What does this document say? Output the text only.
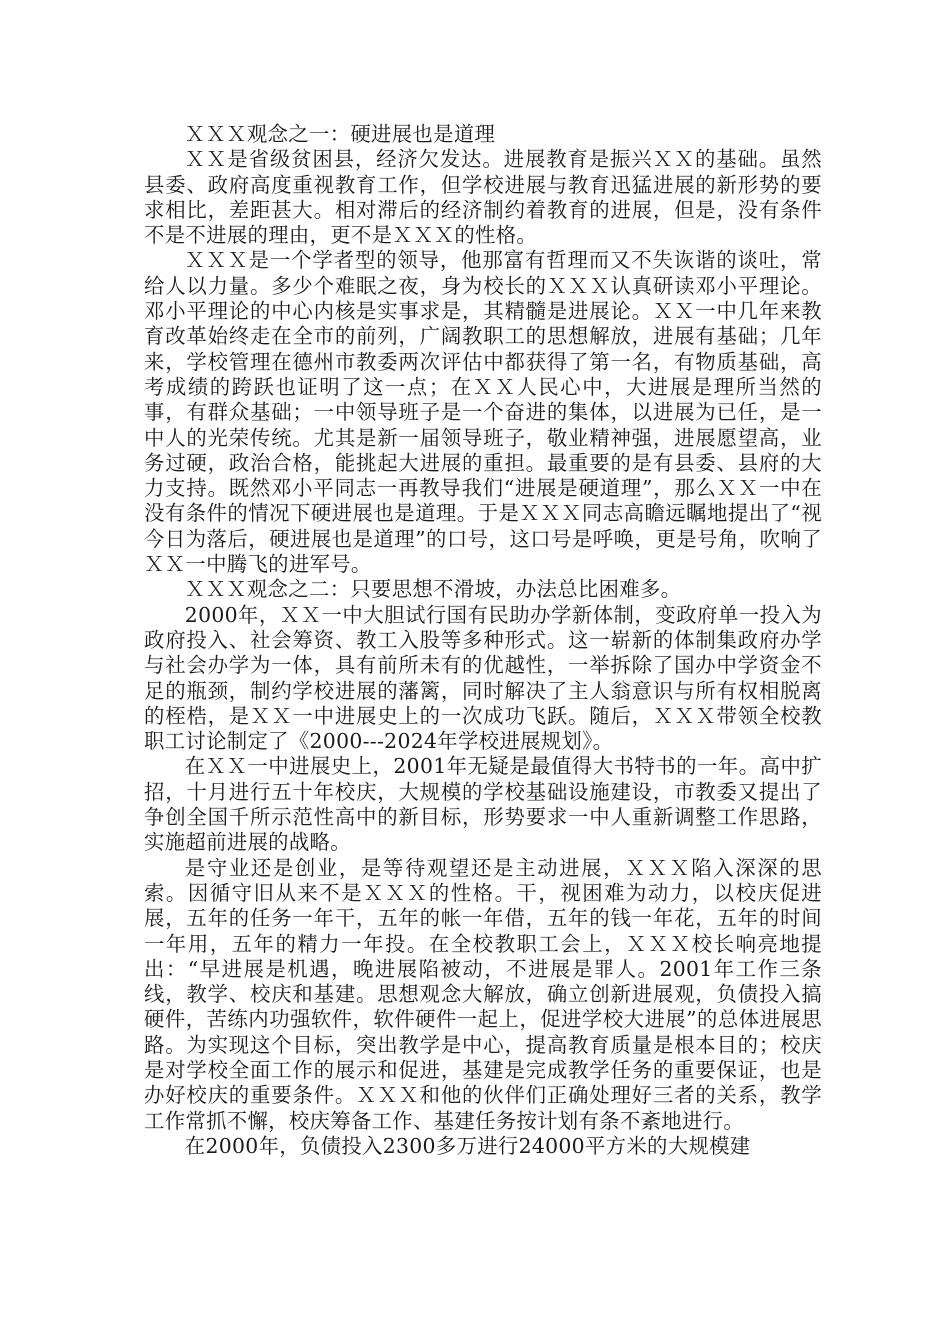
ＸＸＸ观念之一：硬进展也是道理

ＸＸ是省级贫困县，经济欠发达。进展教育是振兴ＸＸ的基础。虽然县委、政府高度重视教育工作，但学校进展与教育迅猛进展的新形势的要求相比，差距甚大。相对滞后的经济制约着教育的进展，但是，没有条件不是不进展的理由，更不是ＸＸＸ的性格。

ＸＸＸ是一个学者型的领导，他那富有哲理而又不失诙谐的谈吐，常给人以力量。多少个难眠之夜，身为校长的ＸＸＸ认真研读邓小平理论。邓小平理论的中心内核是实事求是，其精髓是进展论。ＸＸ一中几年来教育改革始终走在全市的前列，广阔教职工的思想解放，进展有基础；几年来，学校管理在德州市教委两次评估中都获得了第一名，有物质基础，高考成绩的跨跃也证明了这一点；在ＸＸ人民心中，大进展是理所当然的事，有群众基础；一中领导班子是一个奋进的集体，以进展为已任，是一中人的光荣传统。尤其是新一届领导班子，敬业精神强，进展愿望高，业务过硬，政治合格，能挑起大进展的重担。最重要的是有县委、县府的大力支持。既然邓小平同志一再教导我们“进展是硬道理”，那么ＸＸ一中在没有条件的情况下硬进展也是道理。于是ＸＸＸ同志高瞻远瞩地提出了“视今日为落后，硬进展也是道理”的口号，这口号是呼唤，更是号角，吹响了ＸＸ一中腾飞的进军号。

ＸＸＸ观念之二：只要思想不滑坡，办法总比困难多。

2000年，ＸＸ一中大胆试行国有民助办学新体制，变政府单一投入为政府投入、社会筹资、教工入股等多种形式。这一崭新的体制集政府办学与社会办学为一体，具有前所未有的优越性，一举拆除了国办中学资金不足的瓶颈，制约学校进展的藩篱，同时解决了主人翁意识与所有权相脱离的桎梏，是ＸＸ一中进展史上的一次成功飞跃。随后，ＸＸＸ带领全校教职工讨论制定了《2000---2024年学校进展规划》。

在ＸＸ一中进展史上，2001年无疑是最值得大书特书的一年。高中扩招，十月进行五十年校庆，大规模的学校基础设施建设，市教委又提出了争创全国千所示范性高中的新目标，形势要求一中人重新调整工作思路，实施超前进展的战略。

是守业还是创业，是等待观望还是主动进展，ＸＸＸ陷入深深的思索。因循守旧从来不是ＸＸＸ的性格。干，视困难为动力，以校庆促进展，五年的任务一年干，五年的帐一年借，五年的钱一年花，五年的时间一年用，五年的精力一年投。在全校教职工会上，ＸＸＸ校长响亮地提出：“早进展是机遇，晚进展陷被动，不进展是罪人。2001年工作三条线，教学、校庆和基建。思想观念大解放，确立创新进展观，负债投入搞硬件，苦练内功强软件，软件硬件一起上，促进学校大进展”的总体进展思路。为实现这个目标，突出教学是中心，提高教育质量是根本目的；校庆是对学校全面工作的展示和促进，基建是完成教学任务的重要保证，也是办好校庆的重要条件。ＸＸＸ和他的伙伴们正确处理好三者的关系，教学工作常抓不懈，校庆筹备工作、基建任务按计划有条不紊地进行。

在2000年，负债投入2300多万进行24000平方米的大规模建
